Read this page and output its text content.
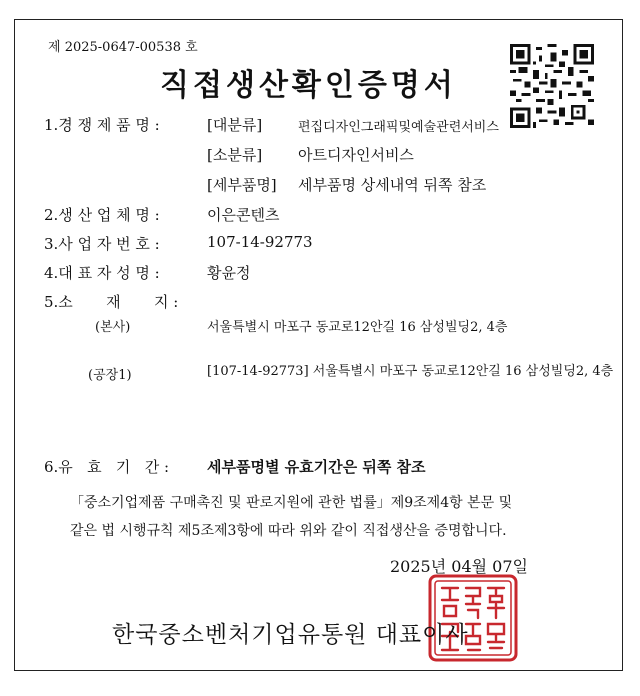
제 2025-0647-00538 호
직접생산확인증명서
1.경 쟁 제 품 명 :	[대분류]	편집디자인그래픽및예술관련서비스
[소분류] 아트디자인서비스
[세부품명] 세부품명 상세내역 뒤쪽 참조
2.생 산 업 체 명 :	이은콘텐츠
3.사 업 자 번 호 :	107-14-92773
4.대 표 자 성 명 :	황윤정
5.소       재       지 :
(본사)	서울특별시 마포구 동교로12안길 16 삼성빌딩2, 4층
(공장1)	[107-14-92773] 서울특별시 마포구 동교로12안길 16 삼성빌딩2, 4층
6.유   효   기   간 :	세부품명별 유효기간은 뒤쪽 참조
「중소기업제품 구매촉진 및 판로지원에 관한 법률」제9조제4항 본문 및
같은 법 시행규칙 제5조제3항에 따라 위와 같이 직접생산을 증명합니다.
2025년 04월 07일
한국중소벤처기업유통원 대표이사
